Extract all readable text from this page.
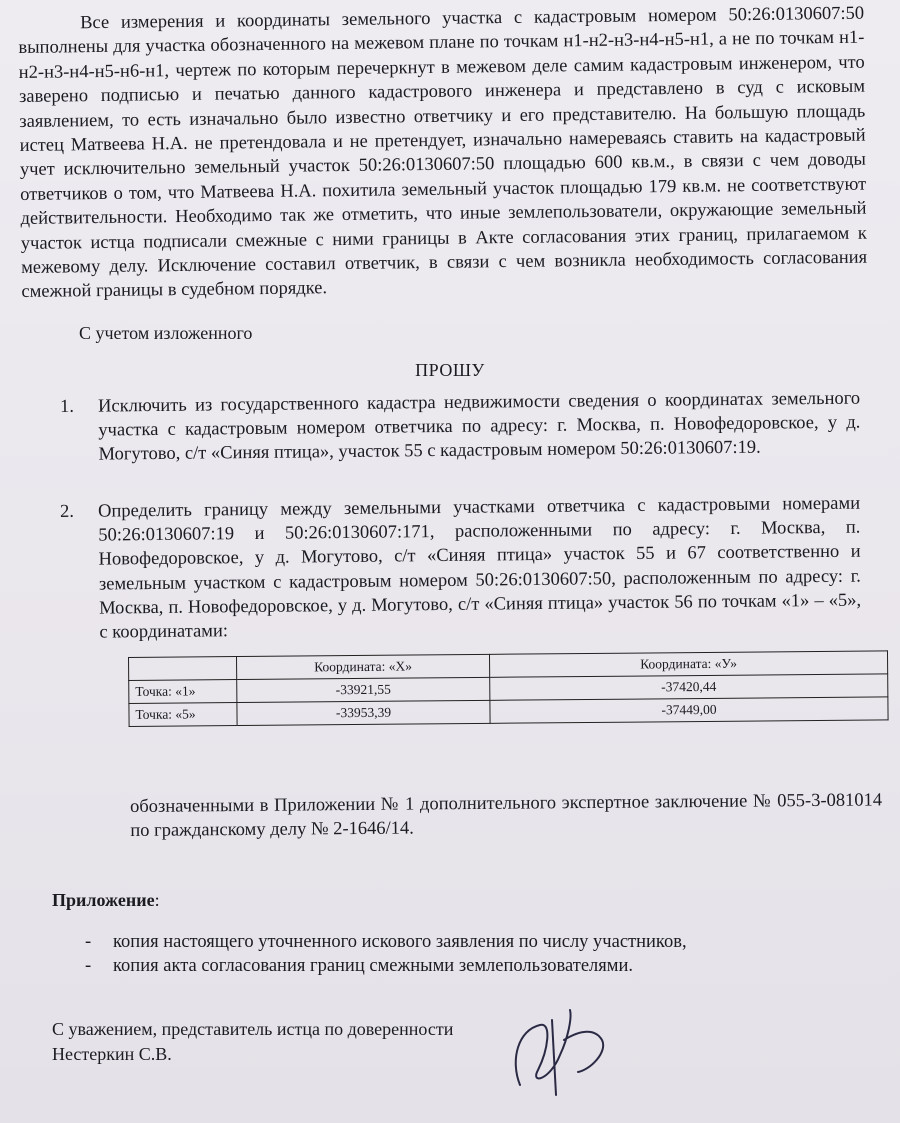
Все измерения и координаты земельного участка с кадастровым номером 50:26:0130607:50 выполнены для участка обозначенного на межевом плане по точкам н1-н2-н3-н4-н5-н1, а не по точкам н1-н2-н3-н4-н5-н6-н1, чертеж по которым перечеркнут в межевом деле самим кадастровым инженером, что заверено подписью и печатью данного кадастрового инженера и представлено в суд с исковым заявлением, то есть изначально было известно ответчику и его представителю. На большую площадь истец Матвеева Н.А. не претендовала и не претендует, изначально намереваясь ставить на кадастровый учет исключительно земельный участок 50:26:0130607:50 площадью 600 кв.м., в связи с чем доводы ответчиков о том, что Матвеева Н.А. похитила земельный участок площадью 179 кв.м. не соответствуют действительности. Необходимо так же отметить, что иные землепользователи, окружающие земельный участок истца подписали смежные с ними границы в Акте согласования этих границ, прилагаемом к межевому делу. Исключение составил ответчик, в связи с чем возникла необходимость согласования смежной границы в судебном порядке.
С учетом изложенного
ПРОШУ
1. Исключить из государственного кадастра недвижимости сведения о координатах земельного участка с кадастровым номером ответчика по адресу: г. Москва, п. Новофедоровское, у д. Могутово, с/т «Синяя птица», участок 55 с кадастровым номером 50:26:0130607:19.
2. Определить границу между земельными участками ответчика с кадастровыми номерами 50:26:0130607:19 и 50:26:0130607:171, расположенными по адресу: г. Москва, п. Новофедоровское, у д. Могутово, с/т «Синяя птица» участок 55 и 67 соответственно и земельным участком с кадастровым номером 50:26:0130607:50, расположенным по адресу: г. Москва, п. Новофедоровское, у д. Могутово, с/т «Синяя птица» участок 56 по точкам «1» – «5», с координатами:
	Координата: «Х»	Координата: «У»
Точка: «1»	-33921,55	-37420,44
Точка: «5»	-33953,39	-37449,00
обозначенными в Приложении № 1 дополнительного экспертное заключение № 055-3-081014 по гражданскому делу № 2-1646/14.
Приложение:
- копия настоящего уточненного искового заявления по числу участников,
- копия акта согласования границ смежными землепользователями.
С уважением, представитель истца по доверенности
Нестеркин С.В.
